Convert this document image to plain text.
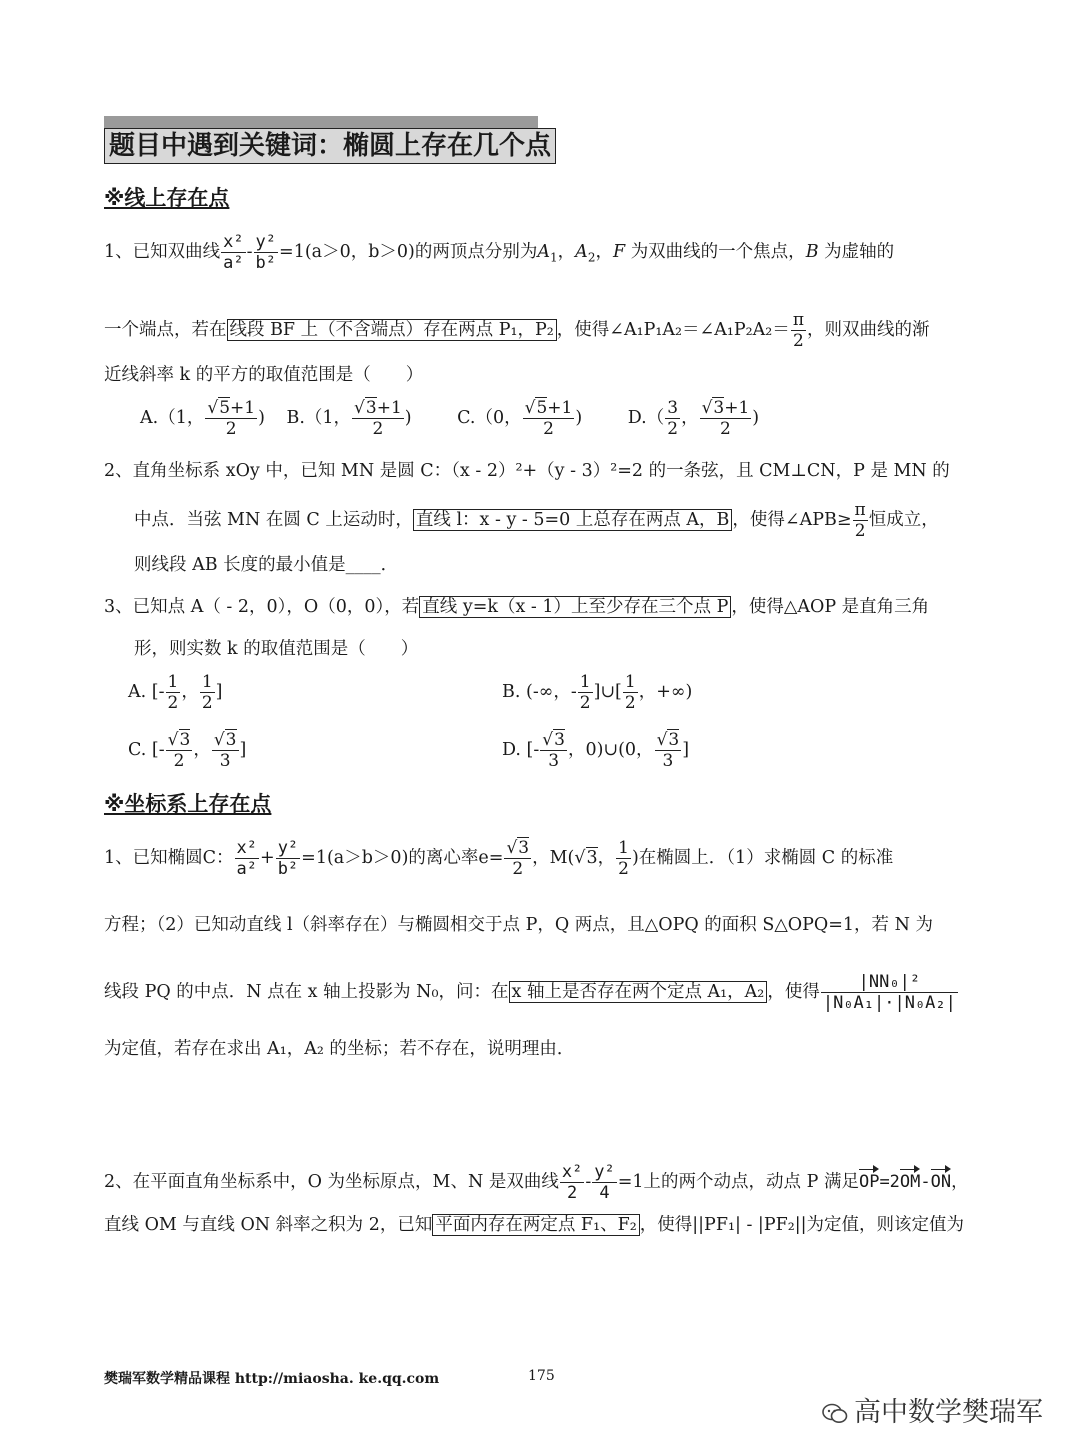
题目中遇到关键词：椭圆上存在几个点
※线上存在点
1、已知双曲线 $\frac{\text{x²}}{\text{a²}} - \frac{\text{y²}}{\text{b²}} =1(a>0$，b＞0)的两顶点分别为$A_1$，$A_2$，F 为双曲线的一个焦点，B 为虚轴的
一个端点，若在 线段 BF 上（不含端点）存在两点 P₁，P₂ ，使得∠A₁P₁A₂＝∠A₁P₂A₂＝ $\frac{\pi}{2}$ ，则双曲线的渐
近线斜率 k 的平方的取值范围是（　　）
A.（1， $\frac{√5+1}{2}$ ) B.（1， $\frac{√3+1}{2}$ ) C.（0， $\frac{√5+1}{2}$ ) $D.( \frac{3}{2}$ ， $\frac{√3+1}{2}$ )
2、直角坐标系 xOy 中，已知 MN 是圆 C：（x - 2）²+（y - 3）²=2 的一条弦，且 CM⊥CN，P 是 MN 的
中点．当弦 MN 在圆 C 上运动时， 直线 l：x - y - 5=0 上总存在两点 A，B ，使得∠APB≥ $\frac{\pi}{2}$ 恒成立，
则线段 AB 长度的最小值是____．
3、已知点 A（ - 2，0），O（0，0），若 直线 y=k（x - 1）上至少存在三个点 P ，使得△AOP 是直角三角
形，则实数 k 的取值范围是（　　）
A. [- $\frac{1}{2}$ ， $\frac{1}{2}$ ]	B. (-∞，- $\frac{1}{2}$ ]∪[ $\frac{1}{2}$ ，+∞)
C. [- $\frac{√3}{2}$ ， $\frac{√3}{3}$ ]	D. [- $\frac{√3}{3}$ ，0)∪(0， $\frac{√3}{3}$ ]
※坐标系上存在点
1、已知椭圆C： $\frac{\text{x²}}{\text{a²}} + \frac{\text{y²}}{\text{b²}} =1(a>b>0)$的离心率$e= \frac{√3}{2}$ ，M(√3， $\frac{1}{2}$ )在椭圆上．（1）求椭圆 C 的标准
方程；（2）已知动直线 l（斜率存在）与椭圆相交于点 P，Q 两点，且△OPQ 的面积 S△OPQ=1，若 N 为
线段 PQ 的中点．N 点在 x 轴上投影为 N₀，问：在 x 轴上是否存在两个定点 A₁，A₂ ，使得 $\frac{\text{|NN₀|²}}{\text{|N₀A₁|·|N₀A₂|}}$
为定值，若存在求出 A₁，A₂ 的坐标；若不存在，说明理由．
2、在平面直角坐标系中，O 为坐标原点，M、N 是双曲线 $\frac{\text{x²}}{2} - \frac{\text{y²}}{4} =1$上的两个动点，动点 P 满足OP=2OM-ON，
直线 OM 与直线 ON 斜率之积为 2，已知 平面内存在两定点 F₁、F₂ ，使得||PF₁| - |PF₂||为定值，则该定值为
樊瑞军数学精品课程 http://miaosha. ke.qq.com	175
高中数学樊瑞军
